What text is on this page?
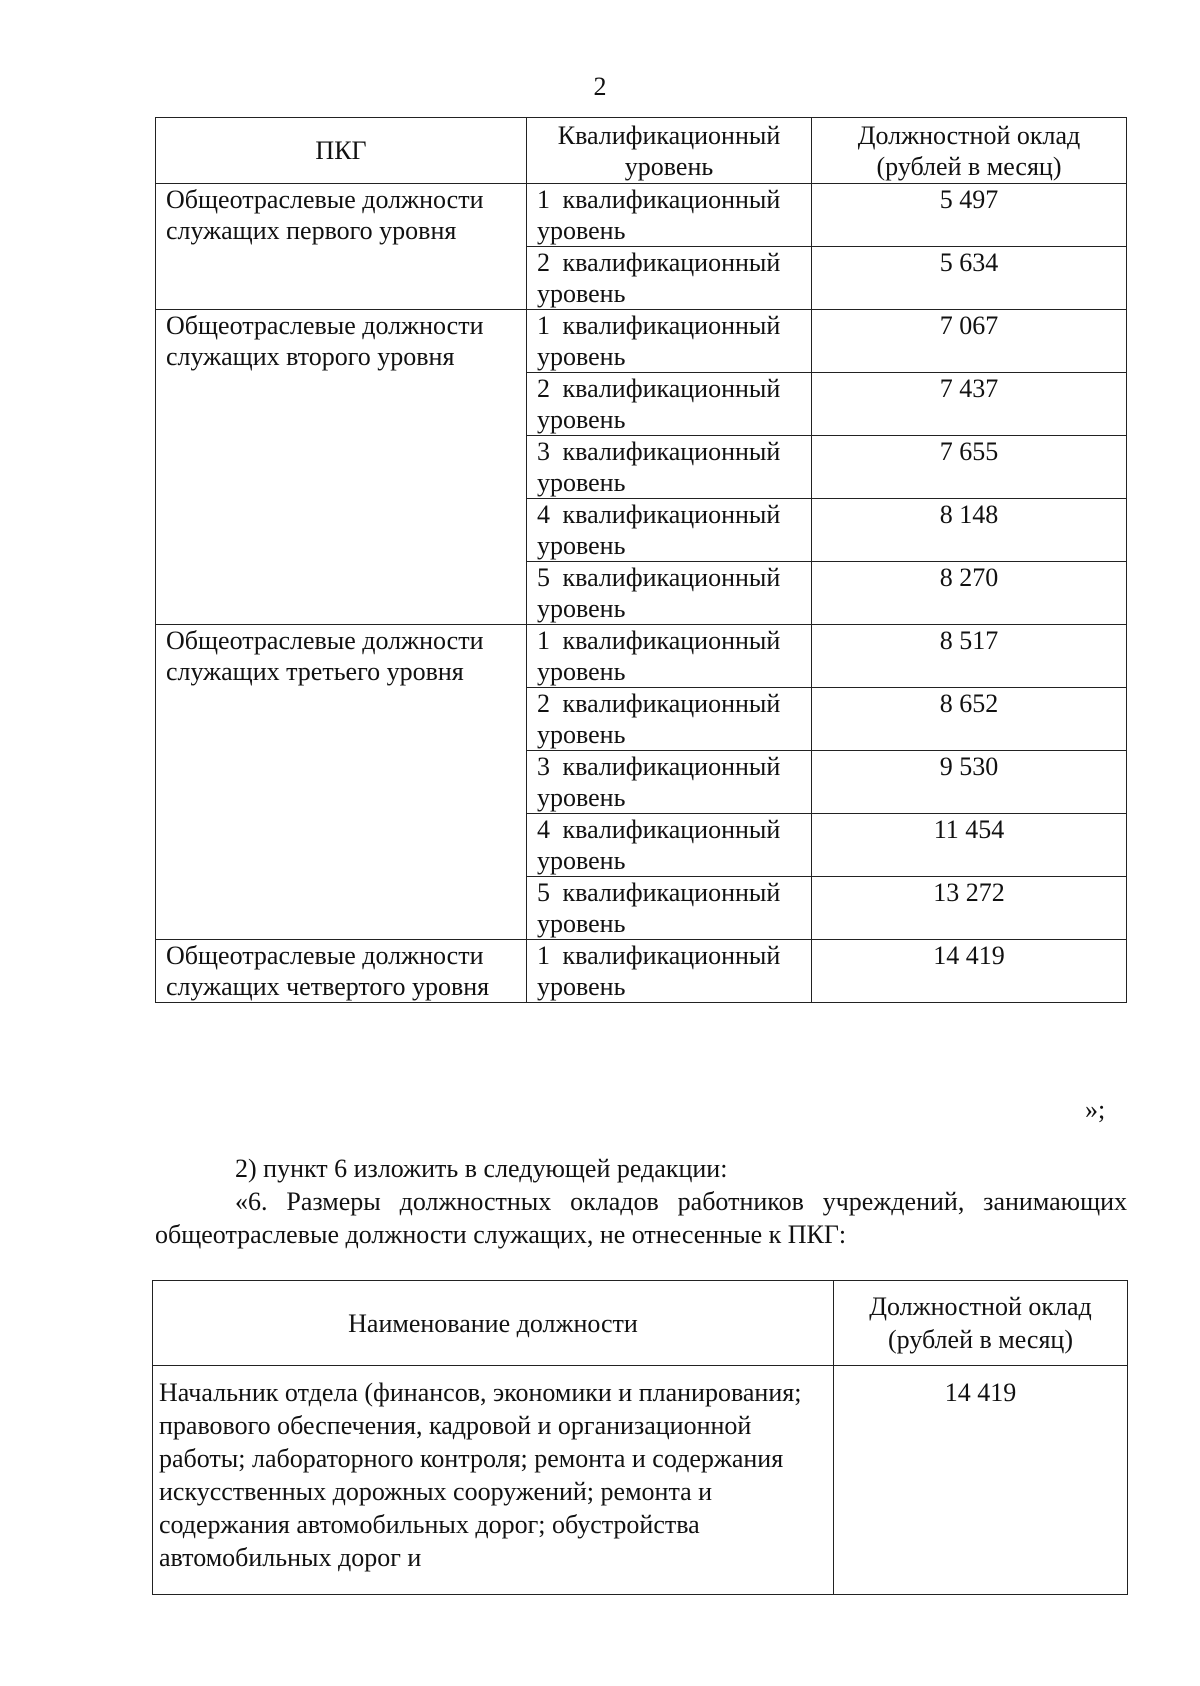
2
ПКГ	Квалификационный уровень	Должностной оклад (рублей в месяц)
Общеотраслевые должности служащих первого уровня	1 квалификационный уровень	5 497
	2 квалификационный уровень	5 634
Общеотраслевые должности служащих второго уровня	1 квалификационный уровень	7 067
	2 квалификационный уровень	7 437
	3 квалификационный уровень	7 655
	4 квалификационный уровень	8 148
	5 квалификационный уровень	8 270
Общеотраслевые должности служащих третьего уровня	1 квалификационный уровень	8 517
	2 квалификационный уровень	8 652
	3 квалификационный уровень	9 530
	4 квалификационный уровень	11 454
	5 квалификационный уровень	13 272
Общеотраслевые должности служащих четвертого уровня	1 квалификационный уровень	14 419
»;
2) пункт 6 изложить в следующей редакции:
«6. Размеры должностных окладов работников учреждений, занимающих общеотраслевые должности служащих, не отнесенные к ПКГ:
Наименование должности	Должностной оклад (рублей в месяц)
Начальник отдела (финансов, экономики и планирования; правового обеспечения, кадровой и организационной работы; лабораторного контроля; ремонта и содержания искусственных дорожных сооружений; ремонта и содержания автомобильных дорог; обустройства автомобильных дорог и	14 419
